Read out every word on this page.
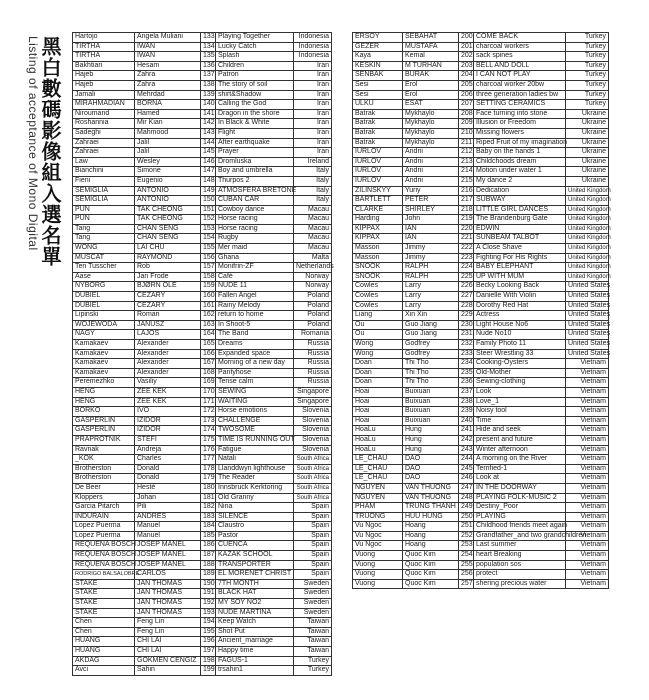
黑白數碼影像組入選名單
Listing of acceptance of Mono Digital	Hartojo	Angela Muliani	133	Playing Together	Indonesia
TIRTHA	IWAN	134	Lucky Catch	Indonesia
TIRTHA	IWAN	135	Splash	Indonesia
Bakhtiari	Hesam	136	Children	Iran
Hajeb	Zahra	137	Patron	Iran
Hajeb	Zahra	138	The story of soil	Iran
Jamali	Mehrdad	139	shirt&Shadow	Iran
MIRAHMADIAN	BORNA	140	Calling the God	Iran
Niroumand	Hamed	141	Dragon in the shore	Iran
Roshannia	Mir Kian	142	In Black & White	Iran
Sadeghi	Mahmood	143	Flight	Iran
Zahraei	Jalil	144	After earthquake	Iran
Zahraei	Jalil	145	Prayer	Iran
Law	Wesley	146	Dromluska	Ireland
Bianchini	Simone	147	Boy and umbrella	Italy
Fieni	Eugenio	148	Thurpos 2	Italy
SEMIGLIA	ANTONIO	149	ATMOSFERA BRETONE	Italy
SEMIGLIA	ANTONIO	150	CUBAN CAR	Italy
PUN	TAK CHEONG	151	Cowboy dance	Macau
PUN	TAK CHEONG	152	Horse racing	Macau
Tang	CHAN SENG	153	Horse racing	Macau
Tang	CHAN SENG	154	Rugby	Macau
WONG	LAI CHU	155	Mer maid	Macau
MUSCAT	RAYMOND	156	Ghana	Malta
Ten Tusscher	Rob	157	Monifrin-ZF	Netherlands
Aase	Jan Frode	158	Café	Norway
NYBORG	BJØRN OLE	159	NUDE 11	Norway
DUBIEL	CEZARY	160	Fallen Angel	Poland
DUBIEL	CEZARY	161	Rainy Melody	Poland
Lipinski	Roman	162	return to home	Poland
WOJEWODA	JANUSZ	163	In Shoot-5	Poland
NAGY	LAJOS	164	The Band	Romania
Kamakaev	Alexander	165	Dreams	Russia
Kamakaev	Alexander	166	Expanded space	Russia
Kamakaev	Alexander	167	Morning of a new day	Russia
Kamakaev	Alexander	168	Pantyhose	Russia
Peremezhko	Vasiliy	169	Tense calm	Russia
HENG	ZEE KEK	170	SEWING	Singapore
HENG	ZEE KEK	171	WAITING	Singapore
BORKO	IVO	172	Horse emotions	Slovenia
GASPERLIN	IZIDOR	173	CHALLENGE	Slovenia
GASPERLIN	IZIDOR	174	TWOSOME	Slovenia
PRAPROTNIK	STEFI	175	TIME IS RUNNING OUT	Slovenia
Ravnak	Andreja	176	Fatigue	Slovenia
_KOK	Charles	177	Natali	South Africa
Brotherston	Donald	178	Llanddwyn lighthouse	South Africa
Brotherston	Donald	179	The Reader	South Africa
De Beer	Hesté	180	Innsbruck Kerktoring	South Africa
Kloppers	Johan	181	Old Granny	South Africa
Garcia Pitarch	Pili	182	Nina	Spain
INDURAIN	ANDRES	183	SILENCE	Spain
Lopez Puerma	Manuel	184	Claustro	Spain
Lopez Puerma	Manuel	185	Pastor	Spain
REQUENA BOSCH	JOSEP MANEL	186	CUENCA	Spain
REQUENA BOSCH	JOSEP MANEL	187	KAZAK SCHOOL	Spain
REQUENA BOSCH	JOSEP MANEL	188	TRANSPORTER	Spain
RODRIGO BALSALOBRE	CARLOS	189	EL MORENET CHRIST	Spain
STAKE	JAN THOMAS	190	7TH MONTH	Sweden
STAKE	JAN THOMAS	191	BLACK HAT	Sweden
STAKE	JAN THOMAS	192	MY SOY NO2	Sweden
STAKE	JAN THOMAS	193	NUDE MARTINA	Sweden
Chen	Feng Lin	194	Keep Watch	Taiwan
Chen	Feng Lin	195	Shot Put	Taiwan
HUANG	CHI LAI	196	Ancient_marriage	Taiwan
HUANG	CHI LAI	197	Happy time	Taiwan
AKDAG	GOKMEN CENGIZ	198	FAGUS-1	Turkey
Avci	Sahin	199	trsahin1	Turkey
ERSOY	SEBAHAT	200	COME BACK	Turkey
GEZER	MUSTAFA	201	charcoal workers	Turkey
Kaya	Kemal	202	sack spines	Turkey
KESKIN	M TURHAN	203	BELL AND DOLL	Turkey
SENBAK	BURAK	204	I CAN NOT PLAY	Turkey
Sesi	Erol	205	charcoal worker 20bw	Turkey
Sesi	Erol	206	three generation ladies bw	Turkey
ULKU	ESAT	207	SETTING CERAMICS	Turkey
Batrak	Mykhaylo	208	Face turning into stone	Ukraine
Batrak	Mykhaylo	209	Illusion or Freedom	Ukraine
Batrak	Mykhaylo	210	Missing flowers	Ukraine
Batrak	Mykhaylo	211	Riped Fruit of my imagination	Ukraine
IURLOV	Andrii	212	Baby on the hands 1	Ukraine
IURLOV	Andrii	213	Childchoods dream	Ukraine
IURLOV	Andrii	214	Motion under water 1	Ukraine
IURLOV	Andrii	215	My dance 2	Ukraine
ZILINSKYY	Yuriy	216	Dedication	United Kingdom
BARTLETT	PETER	217	SUBWAY	United Kingdom
CLARKE	SHIRLEY	218	LITTLE GIRL DANCES	United Kingdom
Harding	John	219	The Brandenburg Gate	United Kingdom
KIPPAX	IAN	220	EDWIN	United Kingdom
KIPPAX	IAN	221	SUNBEAM TALBOT	United Kingdom
Masson	Jimmy	222	A Close Shave	United Kingdom
Masson	Jimmy	223	Fighting For His Rights	United Kingdom
SNOOK	RALPH	224	BABY ELEPHANT	United Kingdom
SNOOK	RALPH	225	UP WITH MUM	United Kingdom
Cowles	Larry	226	Becky Looking Back	United States
Cowles	Larry	227	Danielle With Violin	United States
Cowles	Larry	228	Dorothy Red Hat	United States
Liang	Xin Xin	229	Actress	United States
Ou	Guo Jiang	230	Light House No6	United States
Ou	Guo Jiang	231	Nude No10	United States
Wong	Godfrey	232	Family Photo 11	United States
Wong	Godfrey	233	Steer Wrestling 33	United States
Doan	Thi Tho	234	Cooking-Oysters	Vietnam
Doan	Thi Tho	235	Old-Mother	Vietnam
Doan	Thi Tho	236	Sewing-clothing	Vietnam
Hoai	Buixuan	237	Look	Vietnam
Hoai	Buixuan	238	Love_1	Vietnam
Hoai	Buixuan	239	Noisy tool	Vietnam
Hoai	Buixuan	240	Time	Vietnam
HoaLu	Hung	241	Hide and seek	Vietnam
HoaLu	Hung	242	present and future	Vietnam
HoaLu	Hung	243	Winter afternoon	Vietnam
LE_CHAU	DAO	244	A morning on the River	Vietnam
LE_CHAU	DAO	245	Terrified-1	Vietnam
LE_CHAU	DAO	246	Look at	Vietnam
NGUYEN	VAN THUONG	247	IN THE DOORWAY	Vietnam
NGUYEN	VAN THUONG	248	PLAYING FOLK-MUSIC 2	Vietnam
PHAM	TRUNG THANH	249	Destiny_Poor	Vietnam
TRUONG	HUU HUNG	250	PLAYING	Vietnam
Vu Ngoc	Hoang	251	Childhood friends meet again	Vietnam
Vu Ngoc	Hoang	252	Grandfather_and two grandchildren	Vietnam
Vu Ngoc	Hoang	253	Last summer	Vietnam
Vuong	Quoc Kim	254	heart Breaking	Vietnam
Vuong	Quoc Kim	255	population sos	Vietnam
Vuong	Quoc Kim	256	protect	Vietnam
Vuong	Quoc Kim	257	shering precious water	Vietnam
